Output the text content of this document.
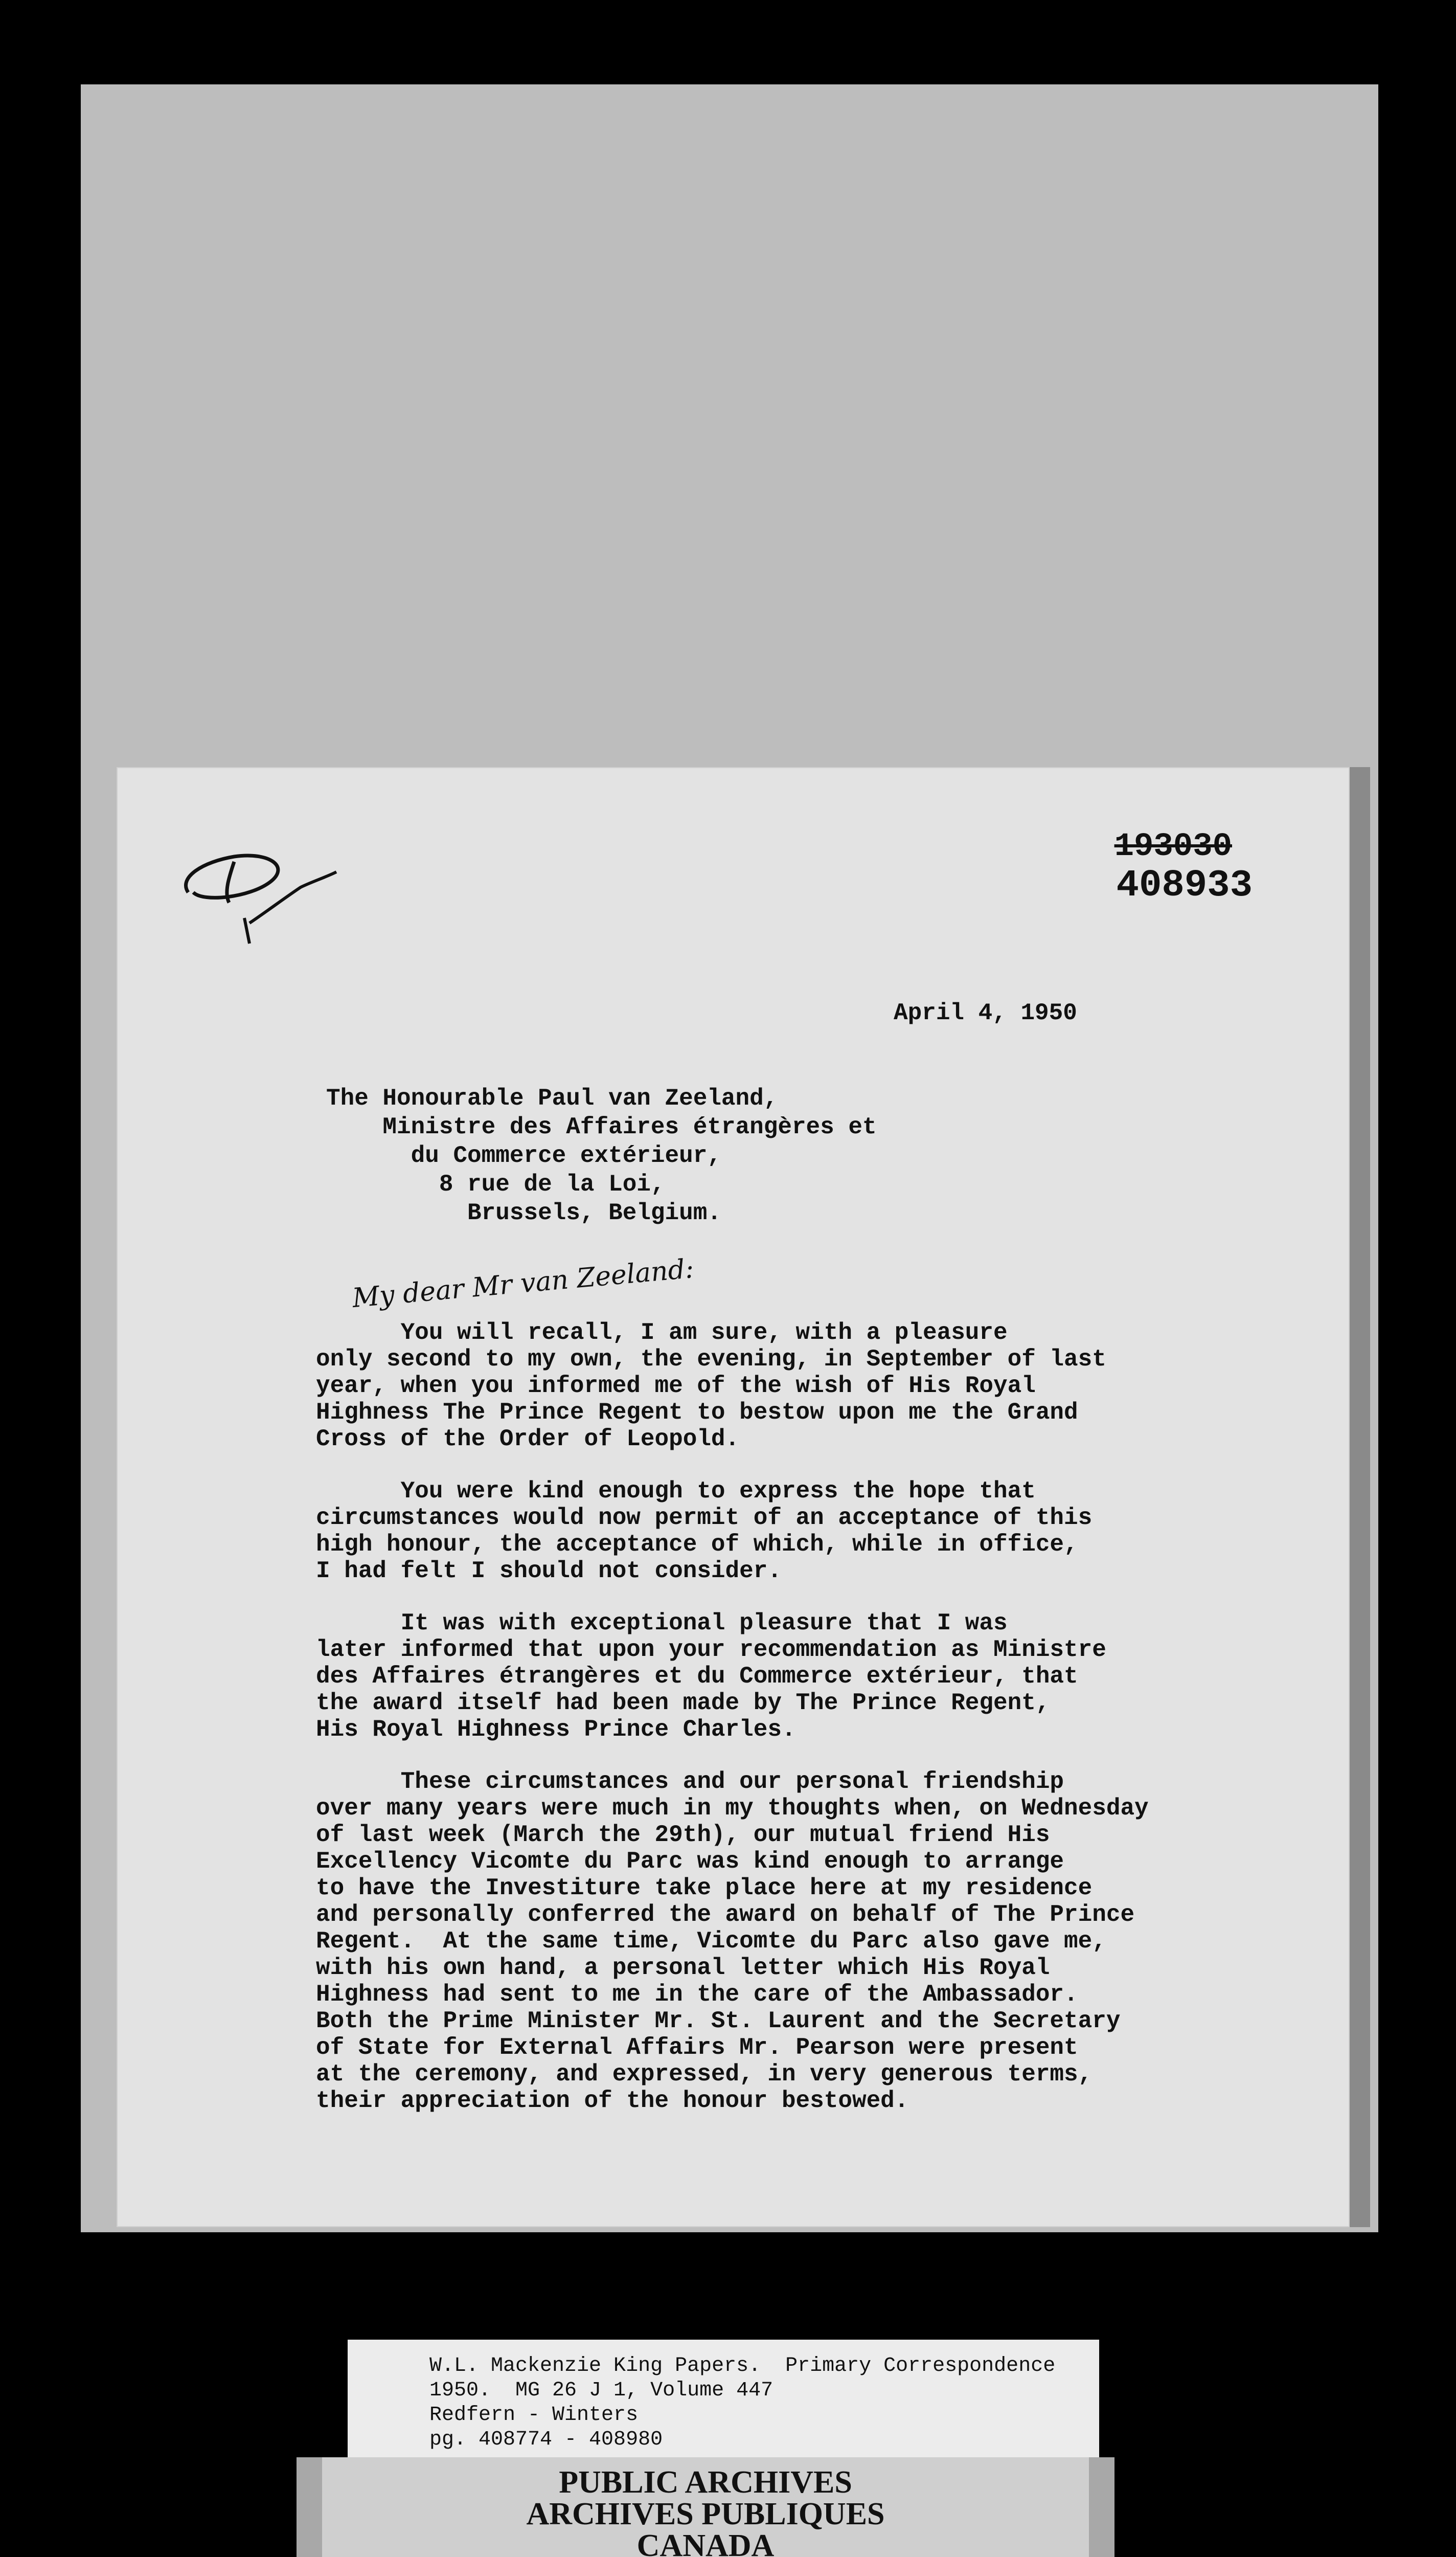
193030
408933
April 4, 1950
The Honourable Paul van Zeeland,
Ministre des Affaires étrangères et
du Commerce extérieur,
8 rue de la Loi,
Brussels, Belgium.
My dear Mr van Zeeland:
You will recall, I am sure, with a pleasure
only second to my own, the evening, in September of last
year, when you informed me of the wish of His Royal
Highness The Prince Regent to bestow upon me the Grand
Cross of the Order of Leopold.
You were kind enough to express the hope that
circumstances would now permit of an acceptance of this
high honour, the acceptance of which, while in office,
I had felt I should not consider.
It was with exceptional pleasure that I was
later informed that upon your recommendation as Ministre
des Affaires étrangères et du Commerce extérieur, that
the award itself had been made by The Prince Regent,
His Royal Highness Prince Charles.
These circumstances and our personal friendship
over many years were much in my thoughts when, on Wednesday
of last week (March the 29th), our mutual friend His
Excellency Vicomte du Parc was kind enough to arrange
to have the Investiture take place here at my residence
and personally conferred the award on behalf of The Prince
Regent.  At the same time, Vicomte du Parc also gave me,
with his own hand, a personal letter which His Royal
Highness had sent to me in the care of the Ambassador.
Both the Prime Minister Mr. St. Laurent and the Secretary
of State for External Affairs Mr. Pearson were present
at the ceremony, and expressed, in very generous terms,
their appreciation of the honour bestowed.
W.L. Mackenzie King Papers.  Primary Correspondence
1950.  MG 26 J 1, Volume 447
Redfern - Winters
pg. 408774 - 408980
PUBLIC ARCHIVES
ARCHIVES PUBLIQUES
CANADA
